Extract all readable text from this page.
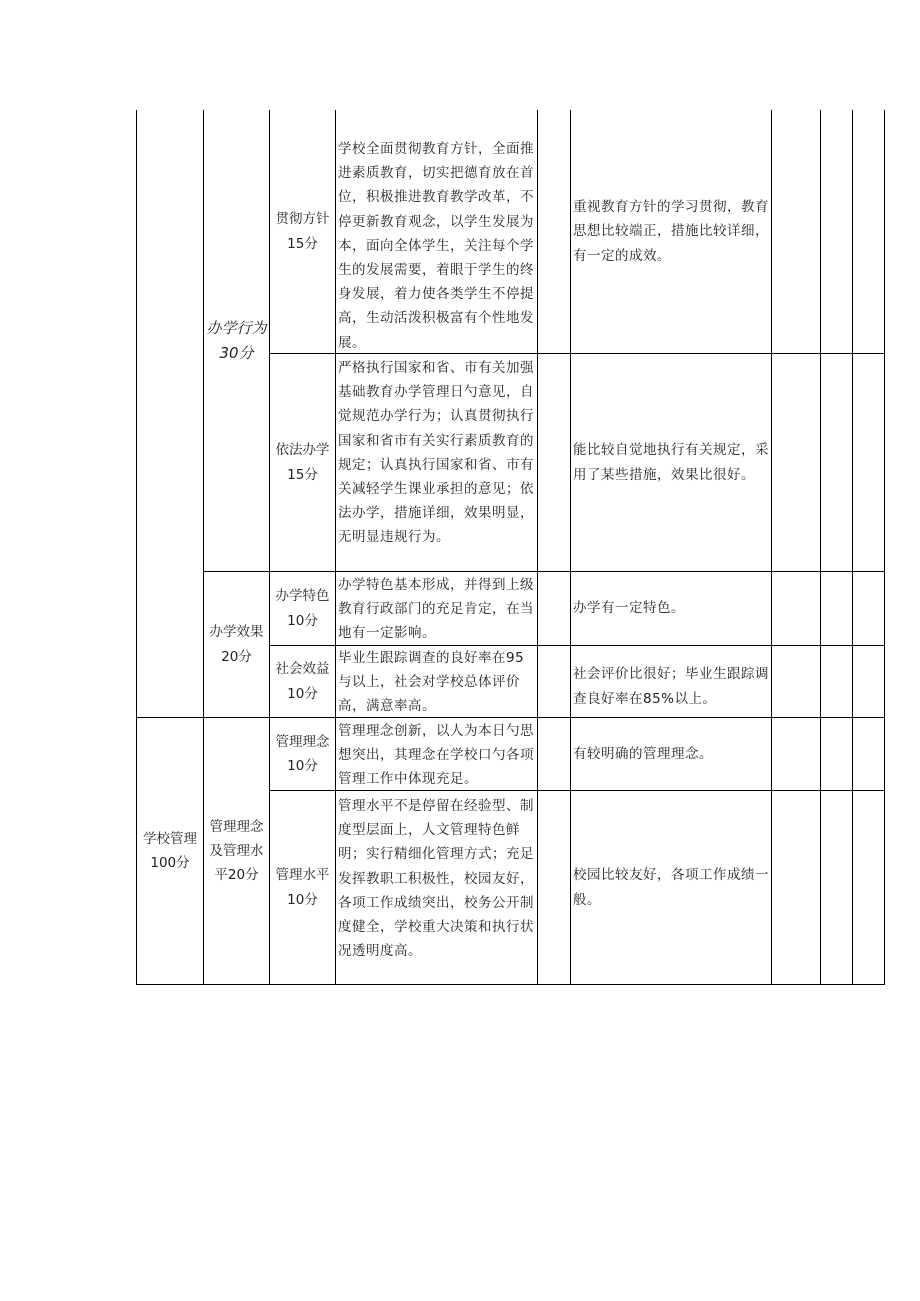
学校管理
100分
办学行为
30分
办学效果
20分
管理理念及管理水平20分
贯彻方针
15分
学校全面贯彻教育方针，全面推进素质教育，切实把德育放在首位，积极推进教育教学改革，不停更新教育观念，以学生发展为本，面向全体学生，关注每个学生的发展需要，着眼于学生的终身发展，着力使各类学生不停提高，生动活泼积极富有个性地发展。
重视教育方针的学习贯彻，教育思想比较端正，措施比较详细，有一定的成效。
依法办学
15分
严格执行国家和省、市有关加强基础教育办学管理日勺意见，自觉规范办学行为；认真贯彻执行国家和省市有关实行素质教育的规定；认真执行国家和省、市有关减轻学生课业承担的意见；依法办学，措施详细，效果明显，无明显违规行为。
能比较自觉地执行有关规定，采用了某些措施，效果比很好。
办学特色
10分
办学特色基本形成，并得到上级教育行政部门的充足肯定，在当地有一定影响。
办学有一定特色。
社会效益
10分
毕业生跟踪调查的良好率在95与以上，社会对学校总体评价高，满意率高。
社会评价比很好；毕业生跟踪调查良好率在85%以上。
管理理念
10分
管理理念创新，以人为本日勺思想突出，其理念在学校口勺各项管理工作中体现充足。
有较明确的管理理念。
管理水平
10分
管理水平不是停留在经验型、制度型层面上，人文管理特色鲜明；实行精细化管理方式；充足发挥教职工积极性，校园友好，各项工作成绩突出，校务公开制度健全，学校重大决策和执行状况透明度高。
校园比较友好，各项工作成绩一般。
